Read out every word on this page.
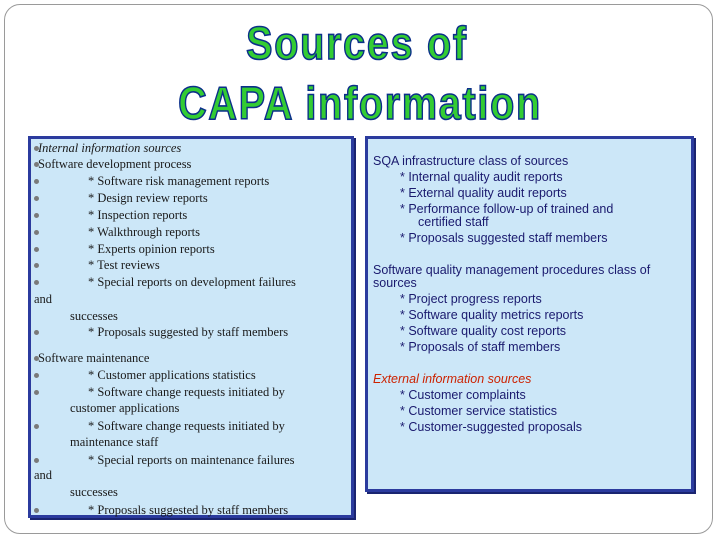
Sources of
CAPA information
Internal information sources
Software development process
* Software risk management reports
* Design review reports
* Inspection reports
* Walkthrough reports
* Experts opinion reports
* Test reviews
* Special reports on development failures
and
successes
* Proposals suggested by staff members
Software maintenance
* Customer applications statistics
* Software change requests initiated by
customer applications
* Software change requests initiated by
maintenance staff
* Special reports on maintenance failures
and
successes
* Proposals suggested by staff members
SQA infrastructure class of sources
* Internal quality audit reports
* External quality audit reports
* Performance follow-up of trained and
certified staff
* Proposals suggested staff members
Software quality management procedures class of
sources
* Project progress reports
* Software quality metrics reports
* Software quality cost reports
* Proposals of staff members
External information sources
* Customer complaints
* Customer service statistics
* Customer-suggested proposals
